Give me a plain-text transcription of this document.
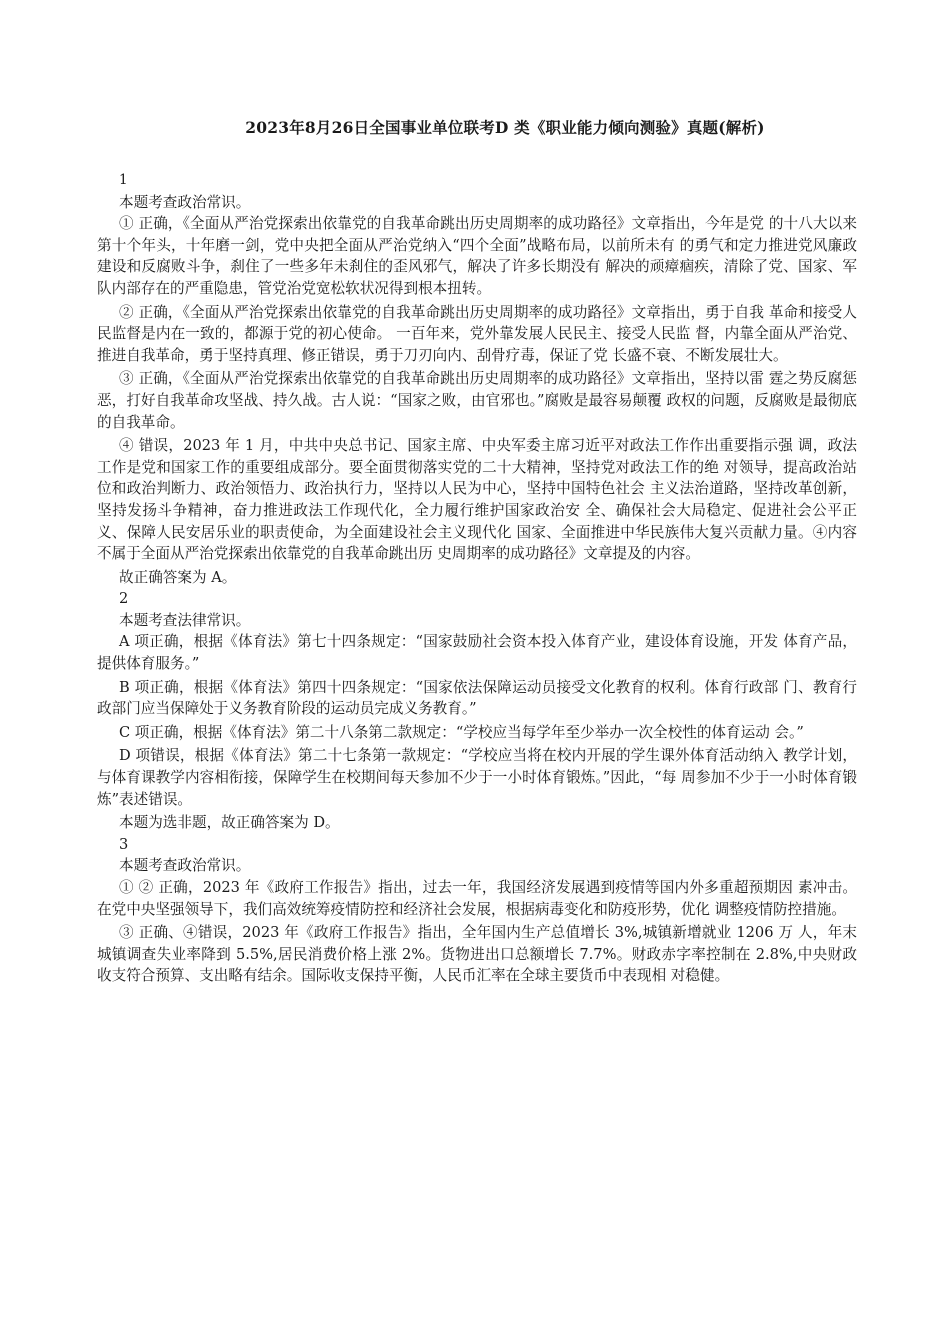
2023年8月26日全国事业单位联考D 类《职业能力倾向测验》真题(解析)

1

本题考查政治常识。

① 正确，《全面从严治党探索出依靠党的自我革命跳出历史周期率的成功路径》文章指出，今年是党 的十八大以来第十个年头，十年磨一剑，党中央把全面从严治党纳入“四个全面”战略布局，以前所未有 的勇气和定力推进党风廉政建设和反腐败斗争，刹住了一些多年未刹住的歪风邪气，解决了许多长期没有 解决的顽瘴痼疾，清除了党、国家、军队内部存在的严重隐患，管党治党宽松软状况得到根本扭转。

② 正确，《全面从严治党探索出依靠党的自我革命跳出历史周期率的成功路径》文章指出，勇于自我 革命和接受人民监督是内在一致的，都源于党的初心使命。 一百年来，党外靠发展人民民主、接受人民监 督，内靠全面从严治党、推进自我革命，勇于坚持真理、修正错误，勇于刀刃向内、刮骨疗毒，保证了党 长盛不衰、不断发展壮大。

③ 正确，《全面从严治党探索出依靠党的自我革命跳出历史周期率的成功路径》文章指出，坚持以雷 霆之势反腐惩恶，打好自我革命攻坚战、持久战。古人说：“国家之败，由官邪也。”腐败是最容易颠覆 政权的问题，反腐败是最彻底的自我革命。

④ 错误，2023 年 1 月，中共中央总书记、国家主席、中央军委主席习近平对政法工作作出重要指示强 调，政法工作是党和国家工作的重要组成部分。要全面贯彻落实党的二十大精神，坚持党对政法工作的绝 对领导，提高政治站位和政治判断力、政治领悟力、政治执行力，坚持以人民为中心，坚持中国特色社会 主义法治道路，坚持改革创新，坚持发扬斗争精神，奋力推进政法工作现代化，全力履行维护国家政治安 全、确保社会大局稳定、促进社会公平正义、保障人民安居乐业的职责使命，为全面建设社会主义现代化 国家、全面推进中华民族伟大复兴贡献力量。④内容不属于全面从严治党探索出依靠党的自我革命跳出历 史周期率的成功路径》文章提及的内容。

故正确答案为 A。

2

本题考查法律常识。

A 项正确，根据《体育法》第七十四条规定：“国家鼓励社会资本投入体育产业，建设体育设施，开发 体育产品，提供体育服务。”

B 项正确，根据《体育法》第四十四条规定：“国家依法保障运动员接受文化教育的权利。体育行政部 门、教育行政部门应当保障处于义务教育阶段的运动员完成义务教育。”

C 项正确，根据《体育法》第二十八条第二款规定：“学校应当每学年至少举办一次全校性的体育运动 会。”

D 项错误，根据《体育法》第二十七条第一款规定：“学校应当将在校内开展的学生课外体育活动纳入 教学计划，与体育课教学内容相衔接，保障学生在校期间每天参加不少于一小时体育锻炼。”因此，“每 周参加不少于一小时体育锻炼”表述错误。

本题为选非题，故正确答案为 D。

3

本题考查政治常识。

① ② 正确，2023 年《政府工作报告》指出，过去一年，我国经济发展遇到疫情等国内外多重超预期因 素冲击。在党中央坚强领导下，我们高效统筹疫情防控和经济社会发展，根据病毒变化和防疫形势，优化 调整疫情防控措施。

③ 正确、④错误，2023 年《政府工作报告》指出，全年国内生产总值增长 3%,城镇新增就业 1206 万 人，年末城镇调查失业率降到 5.5%,居民消费价格上涨 2%。货物进出口总额增长 7.7%。财政赤字率控制在 2.8%,中央财政收支符合预算、支出略有结余。国际收支保持平衡，人民币汇率在全球主要货币中表现相 对稳健。
